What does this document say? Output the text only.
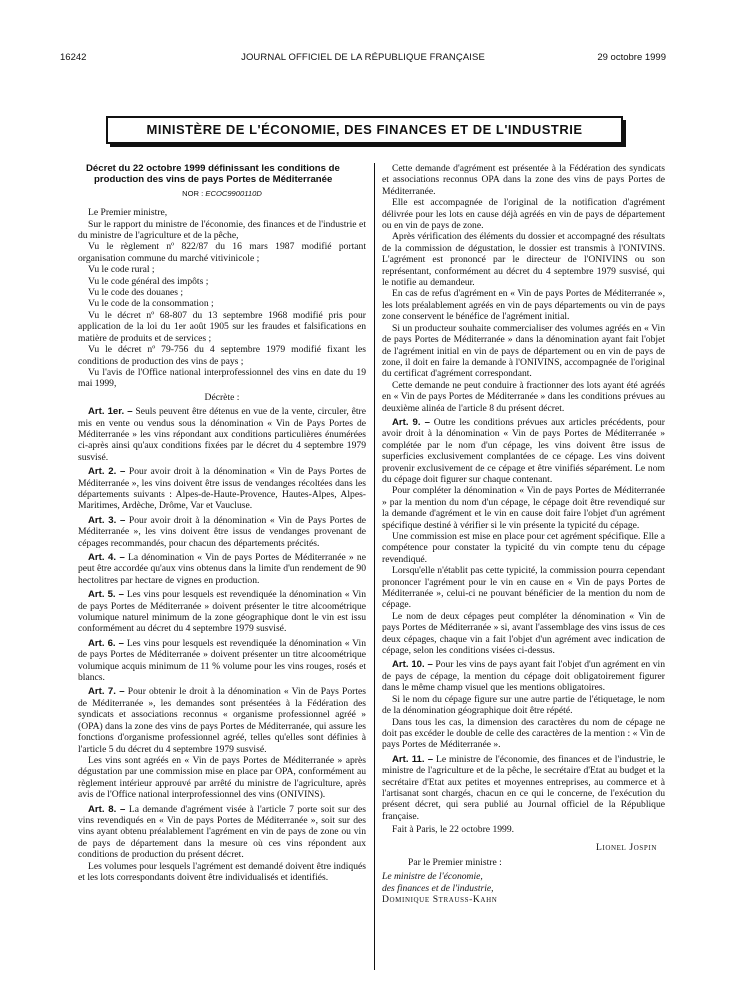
16242	JOURNAL OFFICIEL DE LA RÉPUBLIQUE FRANÇAISE	29 octobre 1999
MINISTÈRE DE L'ÉCONOMIE, DES FINANCES ET DE L'INDUSTRIE
Décret du 22 octobre 1999 définissant les conditions de production des vins de pays Portes de Méditerranée
NOR : ECOC9900110D

Le Premier ministre,

Sur le rapport du ministre de l'économie, des finances et de l'industrie et du ministre de l'agriculture et de la pêche,

Vu le règlement nº 822/87 du 16 mars 1987 modifié portant organisation commune du marché vitivinicole ;

Vu le code rural ;

Vu le code général des impôts ;

Vu le code des douanes ;

Vu le code de la consommation ;

Vu le décret nº 68-807 du 13 septembre 1968 modifié pris pour application de la loi du 1er août 1905 sur les fraudes et falsifications en matière de produits et de services ;

Vu le décret nº 79-756 du 4 septembre 1979 modifié fixant les conditions de production des vins de pays ;

Vu l'avis de l'Office national interprofessionnel des vins en date du 19 mai 1999,

Décrète :

Art. 1er. – Seuls peuvent être détenus en vue de la vente, circuler, être mis en vente ou vendus sous la dénomination « Vin de Pays Portes de Méditerranée » les vins répondant aux conditions particulières énumérées ci-après ainsi qu'aux conditions fixées par le décret du 4 septembre 1979 susvisé.

Art. 2. – Pour avoir droit à la dénomination « Vin de Pays Portes de Méditerranée », les vins doivent être issus de vendanges récoltées dans les départements suivants : Alpes-de-Haute-Provence, Hautes-Alpes, Alpes-Maritimes, Ardèche, Drôme, Var et Vaucluse.

Art. 3. – Pour avoir droit à la dénomination « Vin de Pays Portes de Méditerranée », les vins doivent être issus de vendanges provenant de cépages recommandés, pour chacun des départements précités.

Art. 4. – La dénomination « Vin de pays Portes de Méditerranée » ne peut être accordée qu'aux vins obtenus dans la limite d'un rendement de 90 hectolitres par hectare de vignes en production.

Art. 5. – Les vins pour lesquels est revendiquée la dénomination « Vin de pays Portes de Méditerranée » doivent présenter le titre alcoométrique volumique naturel minimum de la zone géographique dont le vin est issu conformément au décret du 4 septembre 1979 susvisé.

Art. 6. – Les vins pour lesquels est revendiquée la dénomination « Vin de pays Portes de Méditerranée » doivent présenter un titre alcoométrique volumique acquis minimum de 11 % volume pour les vins rouges, rosés et blancs.

Art. 7. – Pour obtenir le droit à la dénomination « Vin de Pays Portes de Méditerranée », les demandes sont présentées à la Fédération des syndicats et associations reconnus « organisme professionnel agréé » (OPA) dans la zone des vins de pays Portes de Méditerranée, qui assure les fonctions d'organisme professionnel agréé, telles qu'elles sont définies à l'article 5 du décret du 4 septembre 1979 susvisé.

Les vins sont agréés en « Vin de pays Portes de Méditerranée » après dégustation par une commission mise en place par OPA, conformément au règlement intérieur approuvé par arrêté du ministre de l'agriculture, après avis de l'Office national interprofessionnel des vins (ONIVINS).

Art. 8. – La demande d'agrément visée à l'article 7 porte soit sur des vins revendiqués en « Vin de pays Portes de Méditerranée », soit sur des vins ayant obtenu préalablement l'agrément en vin de pays de zone ou vin de pays de département dans la mesure où ces vins répondent aux conditions de production du présent décret.

Les volumes pour lesquels l'agrément est demandé doivent être indiqués et les lots correspondants doivent être individualisés et identifiés.

Cette demande d'agrément est présentée à la Fédération des syndicats et associations reconnus OPA dans la zone des vins de pays Portes de Méditerranée.

Elle est accompagnée de l'original de la notification d'agrément délivrée pour les lots en cause déjà agréés en vin de pays de département ou en vin de pays de zone.

Après vérification des éléments du dossier et accompagné des résultats de la commission de dégustation, le dossier est transmis à l'ONIVINS. L'agrément est prononcé par le directeur de l'ONIVINS ou son représentant, conformément au décret du 4 septembre 1979 susvisé, qui le notifie au demandeur.

En cas de refus d'agrément en « Vin de pays Portes de Méditerranée », les lots préalablement agréés en vin de pays départements ou vin de pays zone conservent le bénéfice de l'agrément initial.

Si un producteur souhaite commercialiser des volumes agréés en « Vin de pays Portes de Méditerranée » dans la dénomination ayant fait l'objet de l'agrément initial en vin de pays de département ou en vin de pays de zone, il doit en faire la demande à l'ONIVINS, accompagnée de l'original du certificat d'agrément correspondant.

Cette demande ne peut conduire à fractionner des lots ayant été agréés en « Vin de pays Portes de Méditerranée » dans les conditions prévues au deuxième alinéa de l'article 8 du présent décret.

Art. 9. – Outre les conditions prévues aux articles précédents, pour avoir droit à la dénomination « Vin de pays Portes de Méditerranée » complétée par le nom d'un cépage, les vins doivent être issus de superficies exclusivement complantées de ce cépage. Les vins doivent provenir exclusivement de ce cépage et être vinifiés séparément. Le nom du cépage doit figurer sur chaque contenant.

Pour compléter la dénomination « Vin de pays Portes de Méditerranée » par la mention du nom d'un cépage, le cépage doit être revendiqué sur la demande d'agrément et le vin en cause doit faire l'objet d'un agrément spécifique destiné à vérifier si le vin présente la typicité du cépage.

Une commission est mise en place pour cet agrément spécifique. Elle a compétence pour constater la typicité du vin compte tenu du cépage revendiqué.

Lorsqu'elle n'établit pas cette typicité, la commission pourra cependant prononcer l'agrément pour le vin en cause en « Vin de pays Portes de Méditerranée », celui-ci ne pouvant bénéficier de la mention du nom de cépage.

Le nom de deux cépages peut compléter la dénomination « Vin de pays Portes de Méditerranée » si, avant l'assemblage des vins issus de ces deux cépages, chaque vin a fait l'objet d'un agrément avec indication de cépage, selon les conditions visées ci-dessus.

Art. 10. – Pour les vins de pays ayant fait l'objet d'un agrément en vin de pays de cépage, la mention du cépage doit obligatoirement figurer dans le même champ visuel que les mentions obligatoires.

Si le nom du cépage figure sur une autre partie de l'étiquetage, le nom de la dénomination géographique doit être répété.

Dans tous les cas, la dimension des caractères du nom de cépage ne doit pas excéder le double de celle des caractères de la mention : « Vin de pays Portes de Méditerranée ».

Art. 11. – Le ministre de l'économie, des finances et de l'industrie, le ministre de l'agriculture et de la pêche, le secrétaire d'Etat au budget et la secrétaire d'Etat aux petites et moyennes entreprises, au commerce et à l'artisanat sont chargés, chacun en ce qui le concerne, de l'exécution du présent décret, qui sera publié au Journal officiel de la République française.

Fait à Paris, le 22 octobre 1999.

Lionel Jospin

Par le Premier ministre :

Le ministre de l'économie,

des finances et de l'industrie,

Dominique Strauss-Kahn
